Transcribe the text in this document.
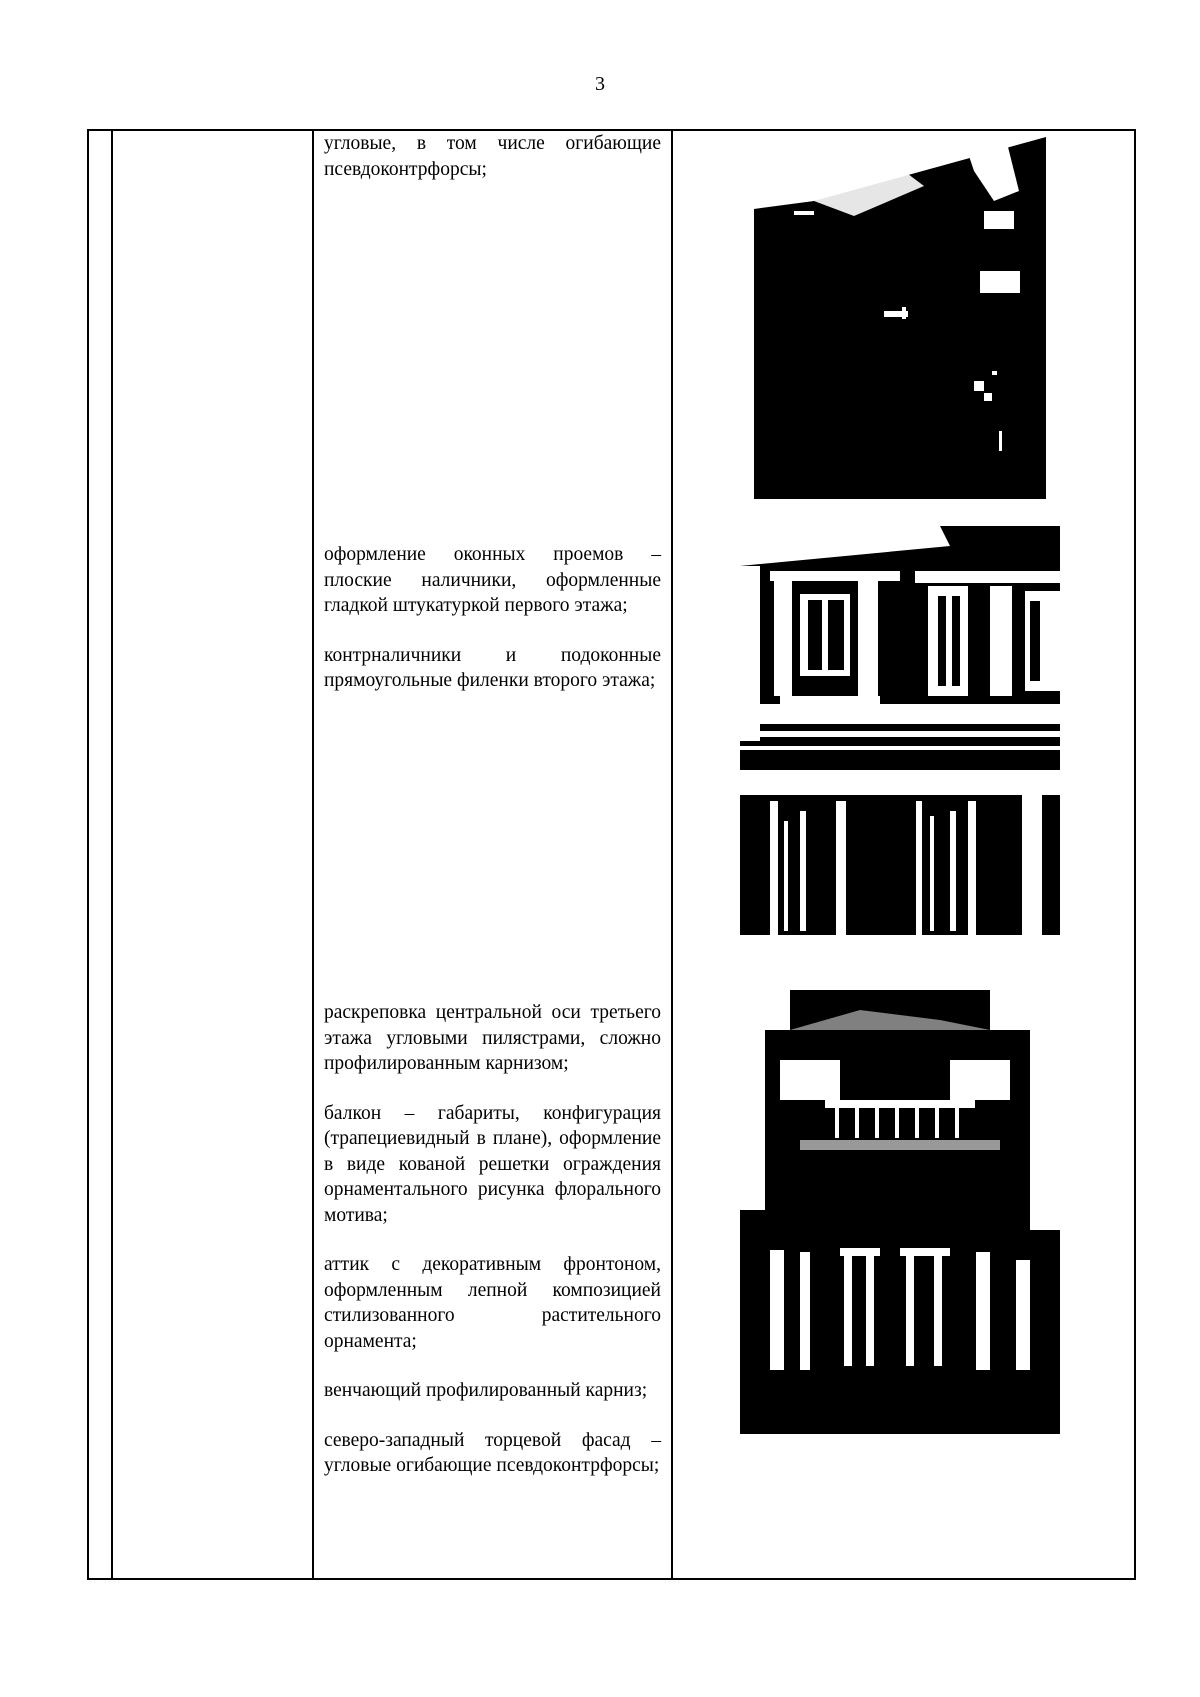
3

угловые, в том числе огибающие псевдоконтрфорсы;

оформление оконных проемов – плоские наличники, оформленные гладкой штукатуркой первого этажа;

контрналичники и подоконные прямоугольные филенки второго этажа;

раскреповка центральной оси третьего этажа угловыми пилястрами, сложно профилированным карнизом;

балкон – габариты, конфигурация (трапециевидный в плане), оформление в виде кованой решетки ограждения орнаментального рисунка флорального мотива;

аттик с декоративным фронтоном, оформленным лепной композицией стилизованного растительного орнамента;

венчающий профилированный карниз;

северо-западный торцевой фасад – угловые огибающие псевдоконтрфорсы;
